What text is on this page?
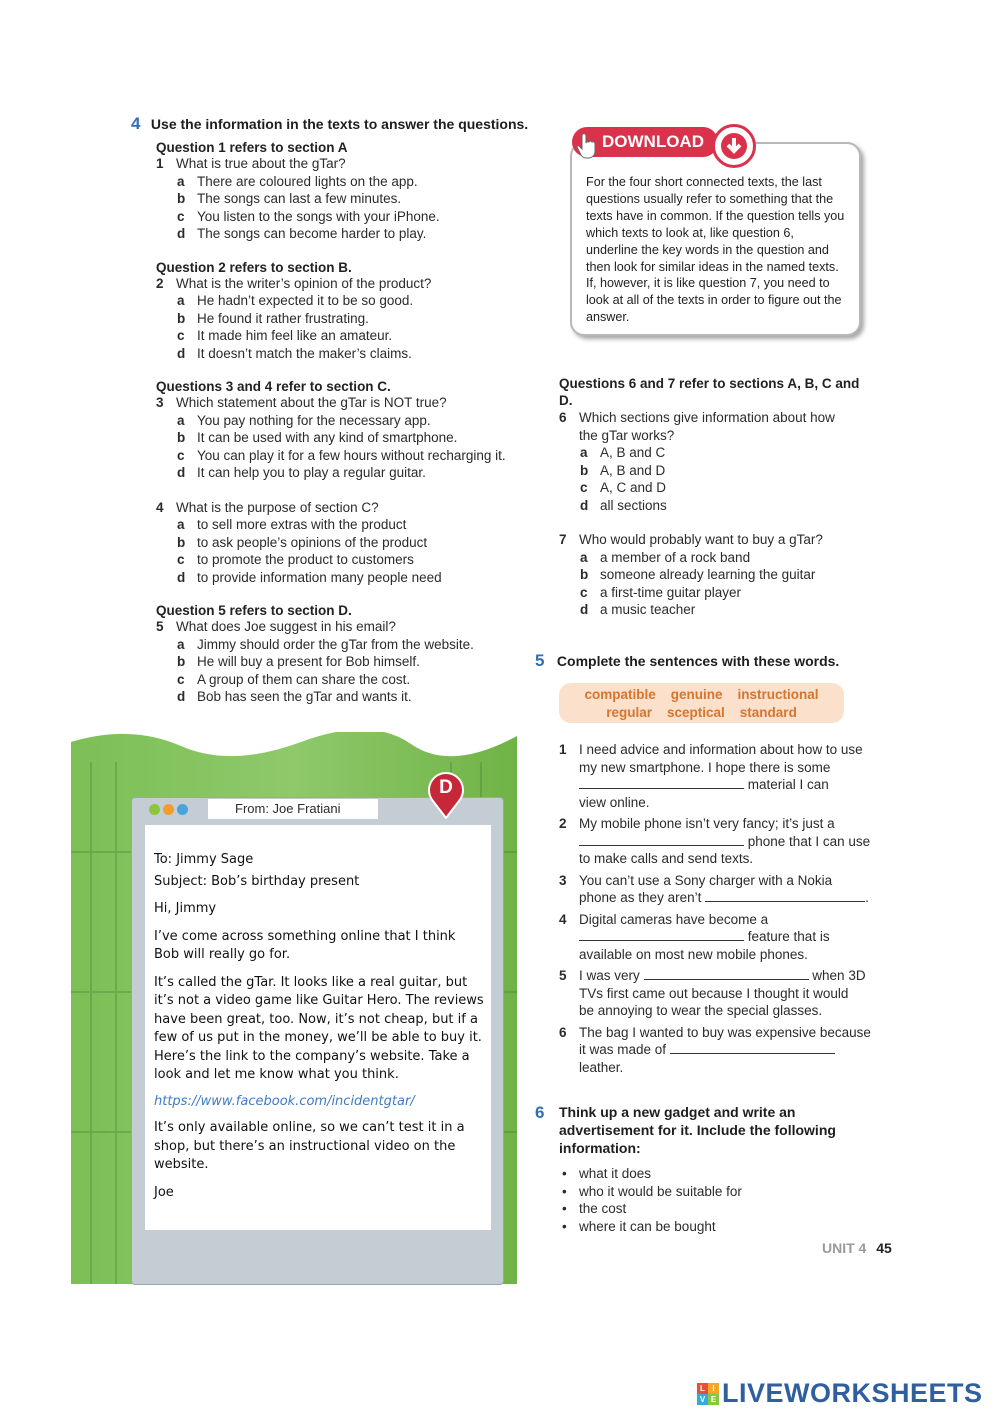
4 Use the information in the texts to answer the questions.
Question 1 refers to section A
1 What is true about the gTar?
a There are coloured lights on the app.
b The songs can last a few minutes.
c You listen to the songs with your iPhone.
d The songs can become harder to play.
Question 2 refers to section B.
2 What is the writer’s opinion of the product?
a He hadn’t expected it to be so good.
b He found it rather frustrating.
c It made him feel like an amateur.
d It doesn’t match the maker’s claims.
Questions 3 and 4 refer to section C.
3 Which statement about the gTar is NOT true?
a You pay nothing for the necessary app.
b It can be used with any kind of smartphone.
c You can play it for a few hours without recharging it.
d It can help you to play a regular guitar.
4 What is the purpose of section C?
a to sell more extras with the product
b to ask people’s opinions of the product
c to promote the product to customers
d to provide information many people need
Question 5 refers to section D.
5 What does Joe suggest in his email?
a Jimmy should order the gTar from the website.
b He will buy a present for Bob himself.
c A group of them can share the cost.
d Bob has seen the gTar and wants it.
For the four short connected texts, the last questions usually refer to something that the texts have in common. If the question tells you which texts to look at, like question 6, underline the key words in the question and then look for similar ideas in the named texts. If, however, it is like question 7, you need to look at all of the texts in order to figure out the answer.
DOWNLOAD
Questions 6 and 7 refer to sections A, B, C and D.
6 Which sections give information about how the gTar works?
a A, B and C
b A, B and D
c A, C and D
d all sections
7 Who would probably want to buy a gTar?
a a member of a rock band
b someone already learning the guitar
c a first-time guitar player
d a music teacher
5 Complete the sentences with these words.
compatible genuine instructional
regular sceptical standard
1 I need advice and information about how to use my new smartphone. I hope there is some
material I can
view online.
2 My mobile phone isn’t very fancy; it’s just a
phone that I can use
to make calls and send texts.
3 You can’t use a Sony charger with a Nokia
phone as they aren’t	.
4 Digital cameras have become a
feature that is
available on most new mobile phones.
5 I was very	when 3D
TVs first came out because I thought it would
be annoying to wear the special glasses.
6 The bag I wanted to buy was expensive because
it was made of
leather.
6	Think up a new gadget and write an advertisement for it. Include the following information:
• what it does
• who it would be suitable for
• the cost
• where it can be bought
UNIT 4 45
From: Joe Fratiani
To: Jimmy Sage
Subject: Bob’s birthday present
Hi, Jimmy
I’ve come across something online that I think Bob will really go for.
It’s called the gTar. It looks like a real guitar, but it’s not a video game like Guitar Hero. The reviews have been great, too. Now, it’s not cheap, but if a few of us put in the money, we’ll be able to buy it. Here’s the link to the company’s website. Take a look and let me know what you think.
https://www.facebook.com/incidentgtar/
It’s only available online, so we can’t test it in a shop, but there’s an instructional video on the website.
Joe
D
L I
V E LIVEWORKSHEETS
